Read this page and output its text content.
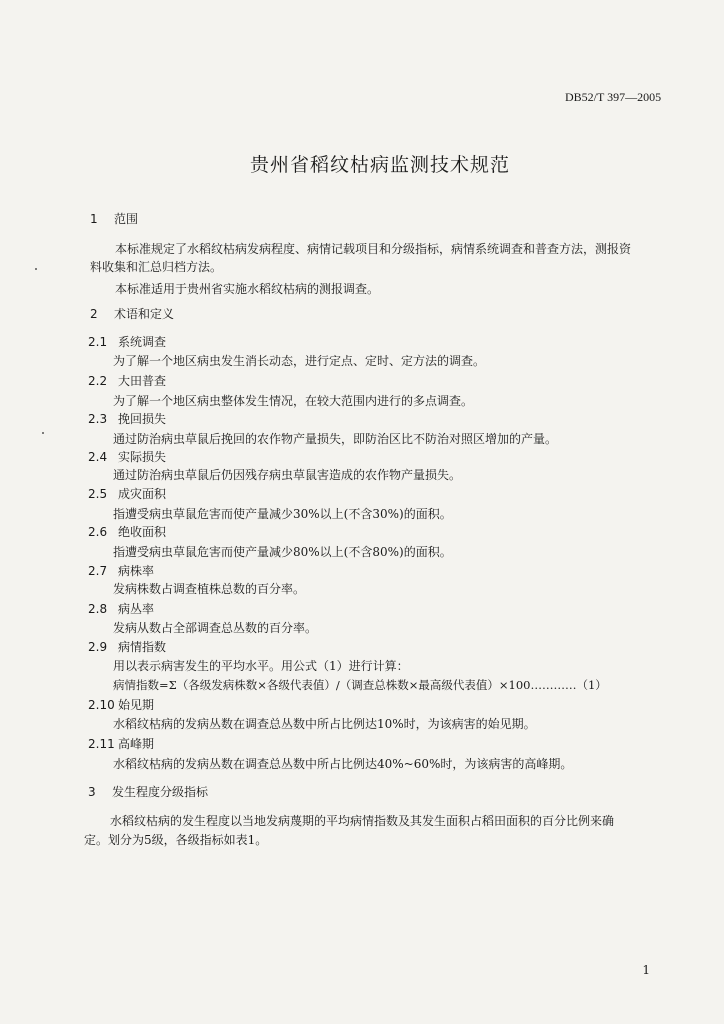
DB52/T 397—2005
贵州省稻纹枯病监测技术规范
1 范围
本标准规定了水稻纹枯病发病程度、病情记载项目和分级指标，病情系统调查和普查方法，测报资
料收集和汇总归档方法。
本标准适用于贵州省实施水稻纹枯病的测报调查。
2 术语和定义
2.1 系统调查
为了解一个地区病虫发生消长动态，进行定点、定时、定方法的调查。
2.2 大田普查
为了解一个地区病虫整体发生情况，在较大范围内进行的多点调查。
2.3 挽回损失
通过防治病虫草鼠后挽回的农作物产量损失，即防治区比不防治对照区增加的产量。
2.4 实际损失
通过防治病虫草鼠后仍因残存病虫草鼠害造成的农作物产量损失。
2.5 成灾面积
指遭受病虫草鼠危害而使产量减少30%以上(不含30%)的面积。
2.6 绝收面积
指遭受病虫草鼠危害而使产量减少80%以上(不含80%)的面积。
2.7 病株率
发病株数占调查植株总数的百分率。
2.8 病丛率
发病从数占全部调查总丛数的百分率。
2.9 病情指数
用以表示病害发生的平均水平。用公式（1）进行计算：
病情指数=Σ（各级发病株数×各级代表值）/（调查总株数×最高级代表值）×100…………（1）
2.10 始见期
水稻纹枯病的发病丛数在调查总丛数中所占比例达10%时，为该病害的始见期。
2.11 高峰期
水稻纹枯病的发病丛数在调查总丛数中所占比例达40%~60%时，为该病害的高峰期。
3 发生程度分级指标
水稻纹枯病的发生程度以当地发病蔑期的平均病情指数及其发生面积占稻田面积的百分比例来确
定。划分为5级，各级指标如表1。
1
